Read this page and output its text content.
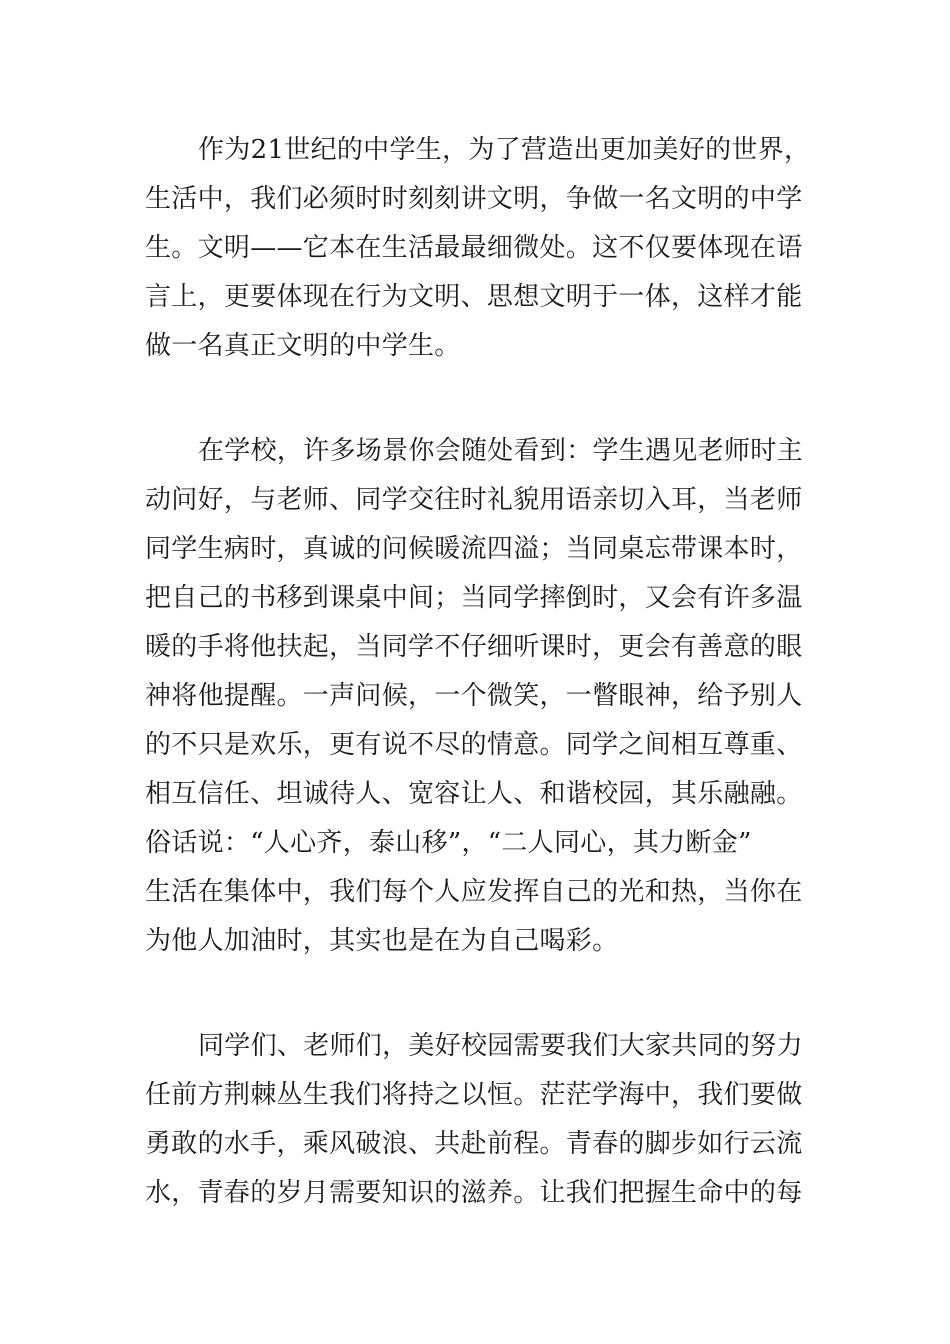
作为21世纪的中学生，为了营造出更加美好的世界，
生活中，我们必须时时刻刻讲文明，争做一名文明的中学
生。文明——它本在生活最最细微处。这不仅要体现在语
言上，更要体现在行为文明、思想文明于一体，这样才能
做一名真正文明的中学生。

在学校，许多场景你会随处看到：学生遇见老师时主
动问好，与老师、同学交往时礼貌用语亲切入耳，当老师
同学生病时，真诚的问候暖流四溢；当同桌忘带课本时，
把自己的书移到课桌中间；当同学摔倒时，又会有许多温
暖的手将他扶起，当同学不仔细听课时，更会有善意的眼
神将他提醒。一声问候，一个微笑，一瞥眼神，给予别人
的不只是欢乐，更有说不尽的情意。同学之间相互尊重、
相互信任、坦诚待人、宽容让人、和谐校园，其乐融融。
俗话说：“人心齐，泰山移”，“二人同心，其力断金”
生活在集体中，我们每个人应发挥自己的光和热，当你在
为他人加油时，其实也是在为自己喝彩。

同学们、老师们，美好校园需要我们大家共同的努力
任前方荆棘丛生我们将持之以恒。茫茫学海中，我们要做
勇敢的水手，乘风破浪、共赴前程。青春的脚步如行云流
水，青春的岁月需要知识的滋养。让我们把握生命中的每
